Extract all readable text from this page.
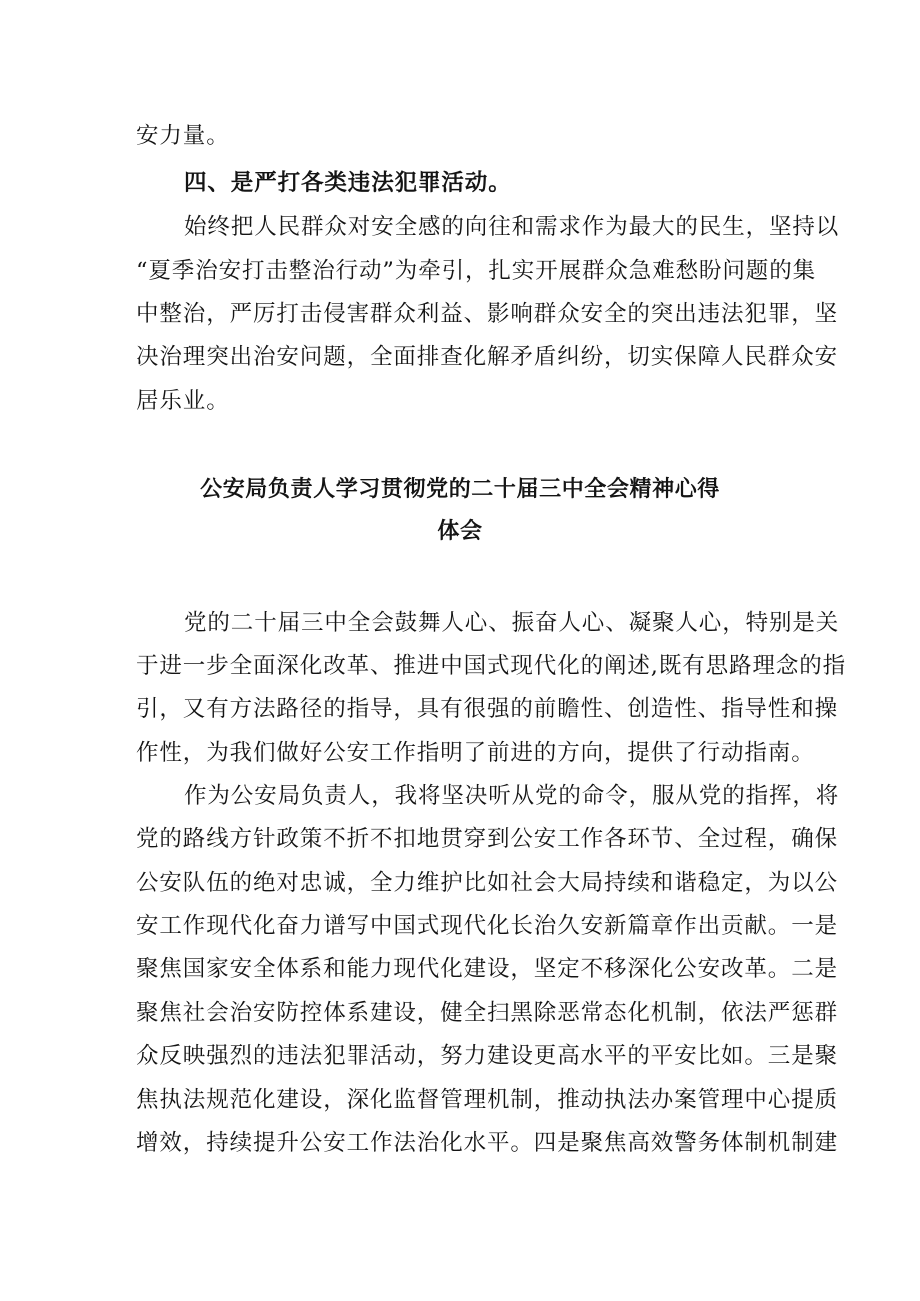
安力量。
四、是严打各类违法犯罪活动。
始终把人民群众对安全感的向往和需求作为最大的民生，坚持以
“夏季治安打击整治行动”为牵引，扎实开展群众急难愁盼问题的集
中整治，严厉打击侵害群众利益、影响群众安全的突出违法犯罪，坚
决治理突出治安问题，全面排查化解矛盾纠纷，切实保障人民群众安
居乐业。
公安局负责人学习贯彻党的二十届三中全会精神心得
体会
党的二十届三中全会鼓舞人心、振奋人心、凝聚人心，特别是关
于进一步全面深化改革、推进中国式现代化的阐述,既有思路理念的指
引，又有方法路径的指导，具有很强的前瞻性、创造性、指导性和操
作性，为我们做好公安工作指明了前进的方向，提供了行动指南。
作为公安局负责人，我将坚决听从党的命令，服从党的指挥，将
党的路线方针政策不折不扣地贯穿到公安工作各环节、全过程，确保
公安队伍的绝对忠诚，全力维护比如社会大局持续和谐稳定，为以公
安工作现代化奋力谱写中国式现代化长治久安新篇章作出贡献。一是
聚焦国家安全体系和能力现代化建设，坚定不移深化公安改革。二是
聚焦社会治安防控体系建设，健全扫黑除恶常态化机制，依法严惩群
众反映强烈的违法犯罪活动，努力建设更高水平的平安比如。三是聚
焦执法规范化建设，深化监督管理机制，推动执法办案管理中心提质
增效，持续提升公安工作法治化水平。四是聚焦高效警务体制机制建
